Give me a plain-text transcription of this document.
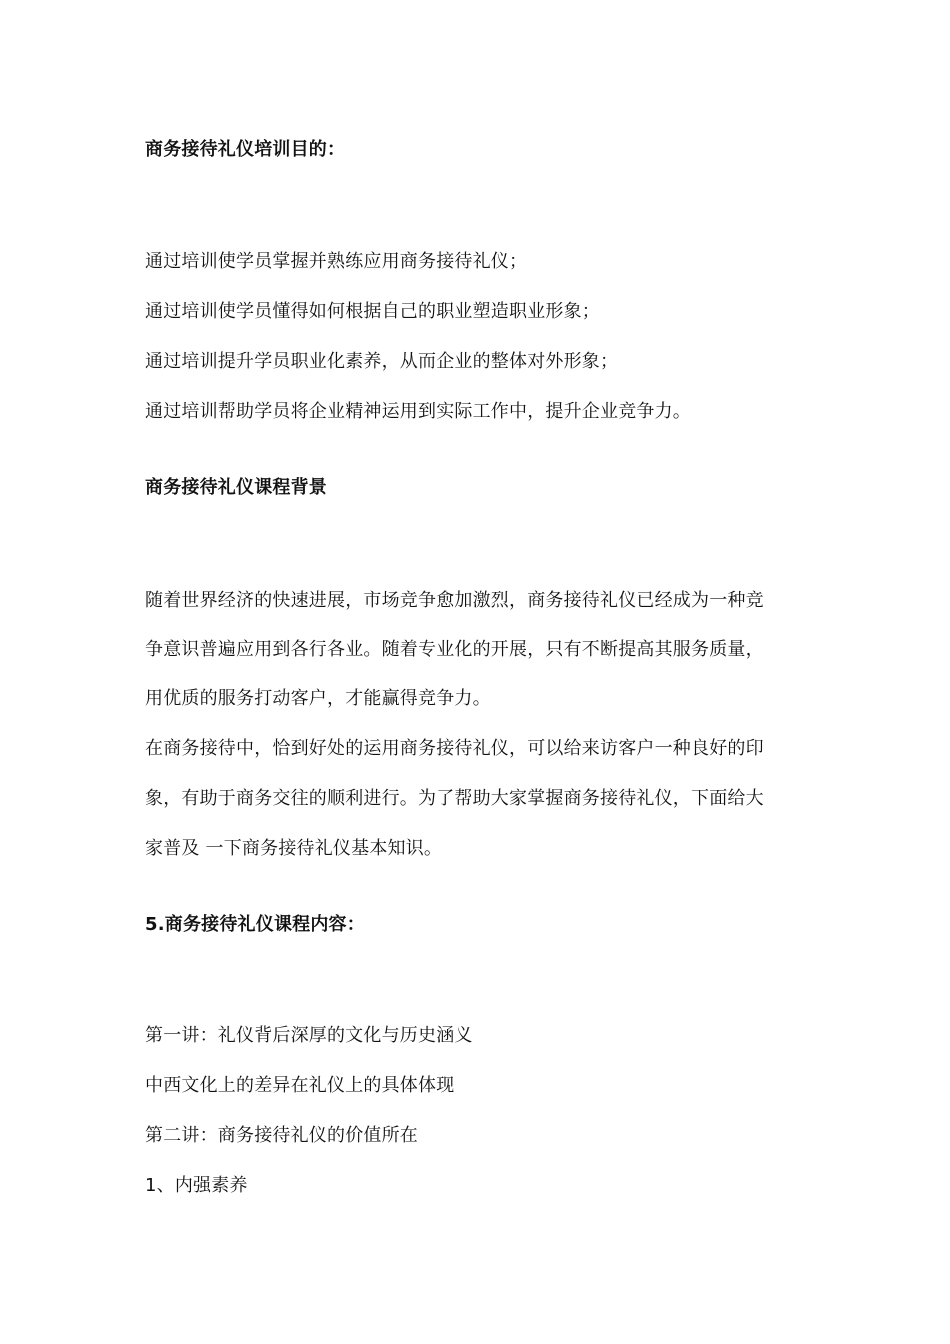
商务接待礼仪培训目的：
通过培训使学员掌握并熟练应用商务接待礼仪；
通过培训使学员懂得如何根据自己的职业塑造职业形象；
通过培训提升学员职业化素养，从而企业的整体对外形象；
通过培训帮助学员将企业精神运用到实际工作中，提升企业竞争力。
商务接待礼仪课程背景
随着世界经济的快速进展，市场竞争愈加激烈，商务接待礼仪已经成为一种竞
争意识普遍应用到各行各业。随着专业化的开展，只有不断提高其服务质量，
用优质的服务打动客户，才能赢得竞争力。
在商务接待中，恰到好处的运用商务接待礼仪，可以给来访客户一种良好的印
象，有助于商务交往的顺利进行。为了帮助大家掌握商务接待礼仪，下面给大
家普及 一下商务接待礼仪基本知识。
5.商务接待礼仪课程内容：
第一讲：礼仪背后深厚的文化与历史涵义
中西文化上的差异在礼仪上的具体体现
第二讲：商务接待礼仪的价值所在
1、内强素养
